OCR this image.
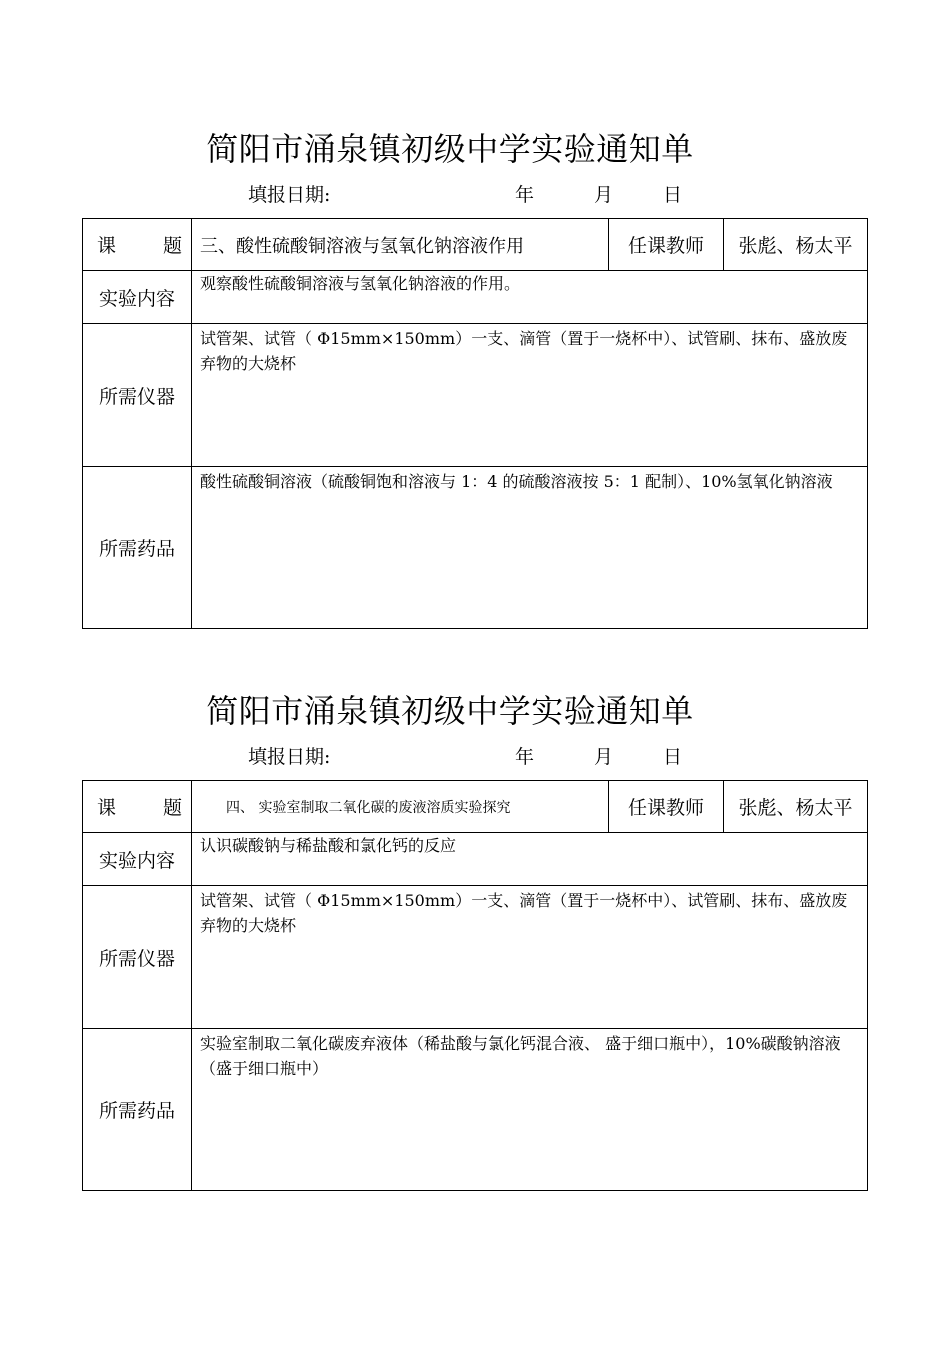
简阳市涌泉镇初级中学实验通知单
填报日期:	年	月	日
课　题	三、酸性硫酸铜溶液与氢氧化钠溶液作用	任课教师	张彪、杨太平
实验内容	观察酸性硫酸铜溶液与氢氧化钠溶液的作用。		
所需仪器	试管架、试管（ Φ15mm×150mm）一支、滴管（置于一烧杯中）、试管刷、抹布、盛放废弃物的大烧杯		
所需药品	酸性硫酸铜溶液（硫酸铜饱和溶液与 1：4 的硫酸溶液按 5：1 配制）、10%氢氧化钠溶液		
简阳市涌泉镇初级中学实验通知单
填报日期:	年	月	日
课　题	四、 实验室制取二氧化碳的废液溶质实验探究	任课教师	张彪、杨太平
实验内容	认识碳酸钠与稀盐酸和氯化钙的反应		
所需仪器	试管架、试管（ Φ15mm×150mm）一支、滴管（置于一烧杯中）、试管刷、抹布、盛放废弃物的大烧杯		
所需药品	实验室制取二氧化碳废弃液体（稀盐酸与氯化钙混合液、 盛于细口瓶中），10%碳酸钠溶液（盛于细口瓶中）		
